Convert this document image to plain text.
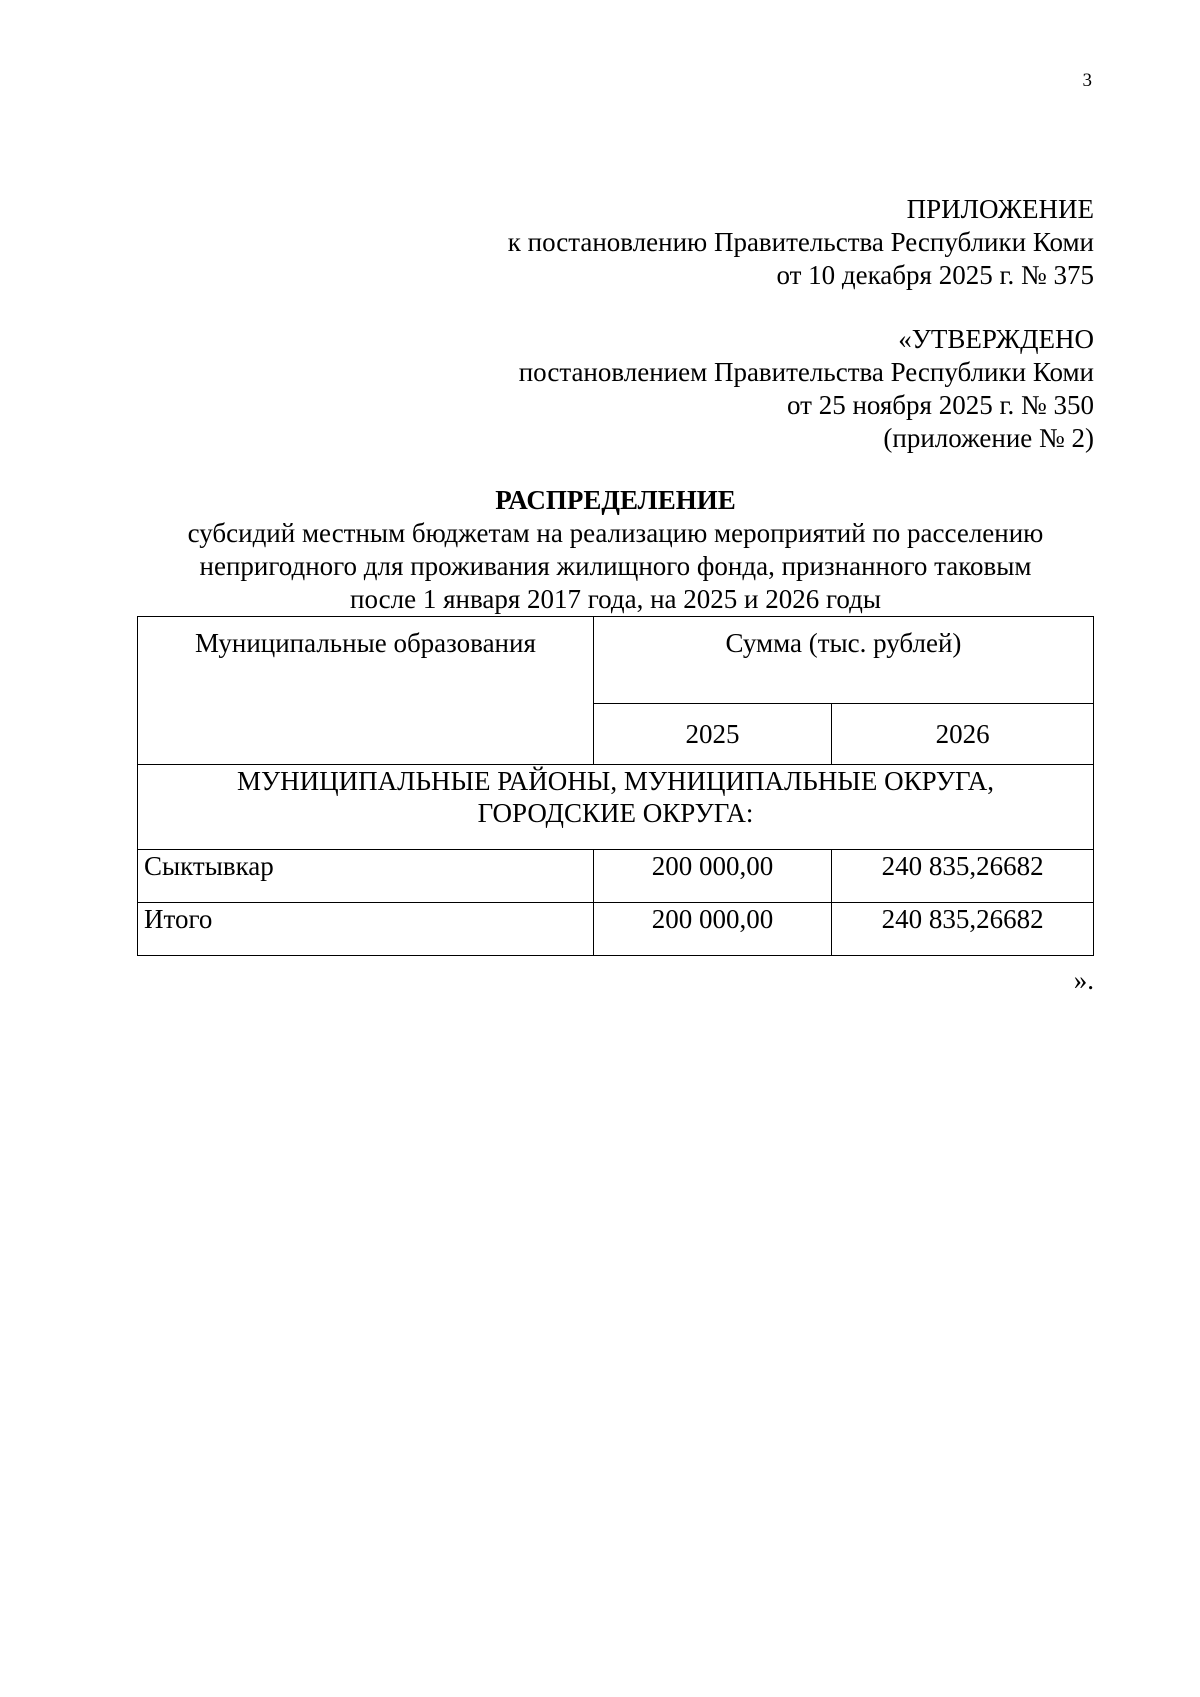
3
ПРИЛОЖЕНИЕ
к постановлению Правительства Республики Коми
от 10 декабря 2025 г. № 375
«УТВЕРЖДЕНО
постановлением Правительства Республики Коми
от 25 ноября 2025 г. № 350
(приложение № 2)
РАСПРЕДЕЛЕНИЕ
субсидий местным бюджетам на реализацию мероприятий по расселению
непригодного для проживания жилищного фонда, признанного таковым
после 1 января 2017 года, на 2025 и 2026 годы
Муниципальные образования	Сумма (тыс. рублей)	
	2025	2026

МУНИЦИПАЛЬНЫЕ РАЙОНЫ, МУНИЦИПАЛЬНЫЕ ОКРУГА,
ГОРОДСКИЕ ОКРУГА:		

Сыктывкар	200 000,00	240 835,26682
Итого	200 000,00	240 835,26682
».
